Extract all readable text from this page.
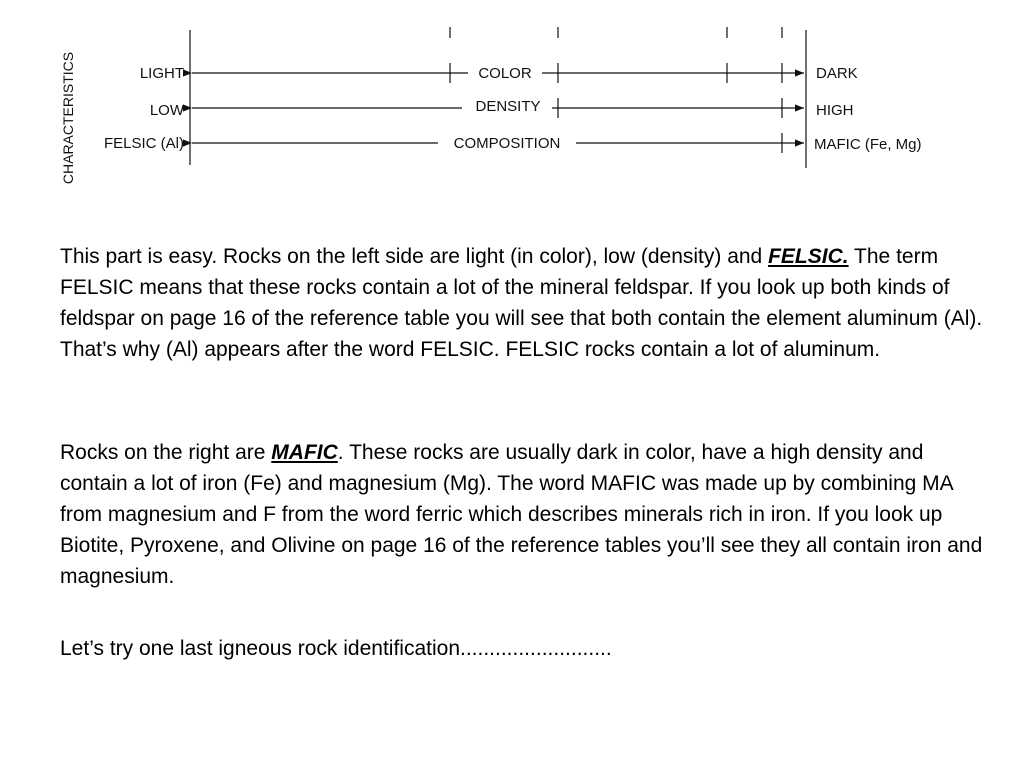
CHARACTERISTICS	LIGHT	COLOR	DARK
LOW	DENSITY	HIGH
FELSIC (Al)	COMPOSITION	MAFIC (Fe, Mg)

This part is easy. Rocks on the left side are light (in color), low (density) and FELSIC. The term FELSIC means that these rocks contain a lot of the mineral feldspar. If you look up both kinds of feldspar on page 16 of the reference table you will see that both contain the element aluminum (Al). That’s why (Al) appears after the word FELSIC. FELSIC rocks contain a lot of aluminum.

Rocks on the right are MAFIC. These rocks are usually dark in color, have a high density and contain a lot of iron (Fe) and magnesium (Mg). The word MAFIC was made up by combining MA from magnesium and F from the word ferric which describes minerals rich in iron. If you look up Biotite, Pyroxene, and Olivine on page 16 of the reference tables you’ll see they all contain iron and magnesium.

Let’s try one last igneous rock identification..........................
